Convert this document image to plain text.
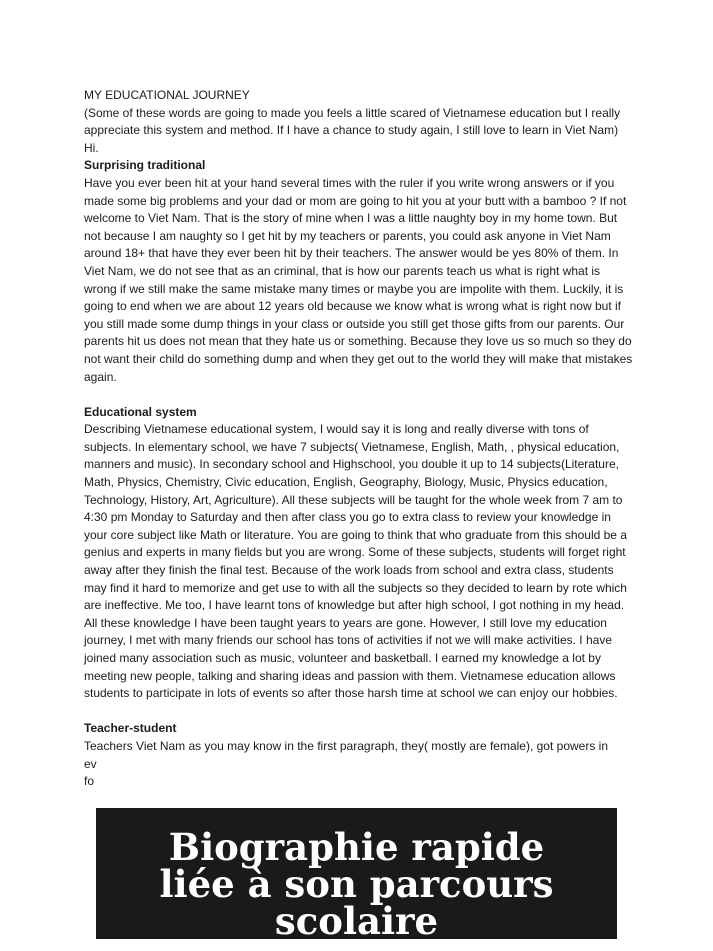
MY EDUCATIONAL JOURNEY

(Some of these words are going to made you feels a little scared of Vietnamese education but I really appreciate this system and method. If I have a chance to study again, I still love to learn in Viet Nam)

Hi.

Surprising traditional

Have you ever been hit at your hand several times with the ruler if you write wrong answers or if you made some big problems and your dad or mom are going to hit you at your butt with a bamboo ? If not welcome to Viet Nam. That is the story of mine when I was a little naughty boy in my home town. But not because I am naughty so I get hit by my teachers or parents, you could ask anyone in Viet Nam around 18+ that have they ever been hit by their teachers. The answer would be yes 80% of them. In Viet Nam, we do not see that as an criminal, that is how our parents teach us what is right what is wrong if we still make the same mistake many times or maybe you are impolite with them. Luckily, it is going to end when we are about 12 years old because we know what is wrong what is right now but if you still made some dump things in your class or outside you still get those gifts from our parents. Our parents hit us does not mean that they hate us or something. Because they love us so much so they do not want their child do something dump and when they get out to the world they will make that mistakes again.

Educational system

Describing Vietnamese educational system, I would say it is long and really diverse with tons of subjects. In elementary school, we have 7 subjects( Vietnamese, English, Math, , physical education, manners and music). In secondary school and Highschool, you double it up to 14 subjects(Literature, Math, Physics, Chemistry, Civic education, English, Geography, Biology, Music, Physics education, Technology, History, Art, Agriculture). All these subjects will be taught for the whole week from 7 am to 4:30 pm Monday to Saturday and then after class you go to extra class to review your knowledge in your core subject like Math or literature. You are going to think that who graduate from this should be a genius and experts in many fields but you are wrong. Some of these subjects, students will forget right away after they finish the final test. Because of the work loads from school and extra class, students may find it hard to memorize and get use to with all the subjects so they decided to learn by rote which are ineffective. Me too, I have learnt tons of knowledge but after high school, I got nothing in my head. All these knowledge I have been taught years to years are gone. However, I still love my education journey, I met with many friends our school has tons of activities if not we will make activities. I have joined many association such as music, volunteer and basketball. I earned my knowledge a lot by meeting new people, talking and sharing ideas and passion with them. Vietnamese education allows students to participate in lots of events so after those harsh time at school we can enjoy our hobbies.

Teacher-student

Teachers Viet Nam as you may know in the first paragraph, they( mostly are female), got powers in

ev

fo

Biographie rapide
liée à son parcours
scolaire
